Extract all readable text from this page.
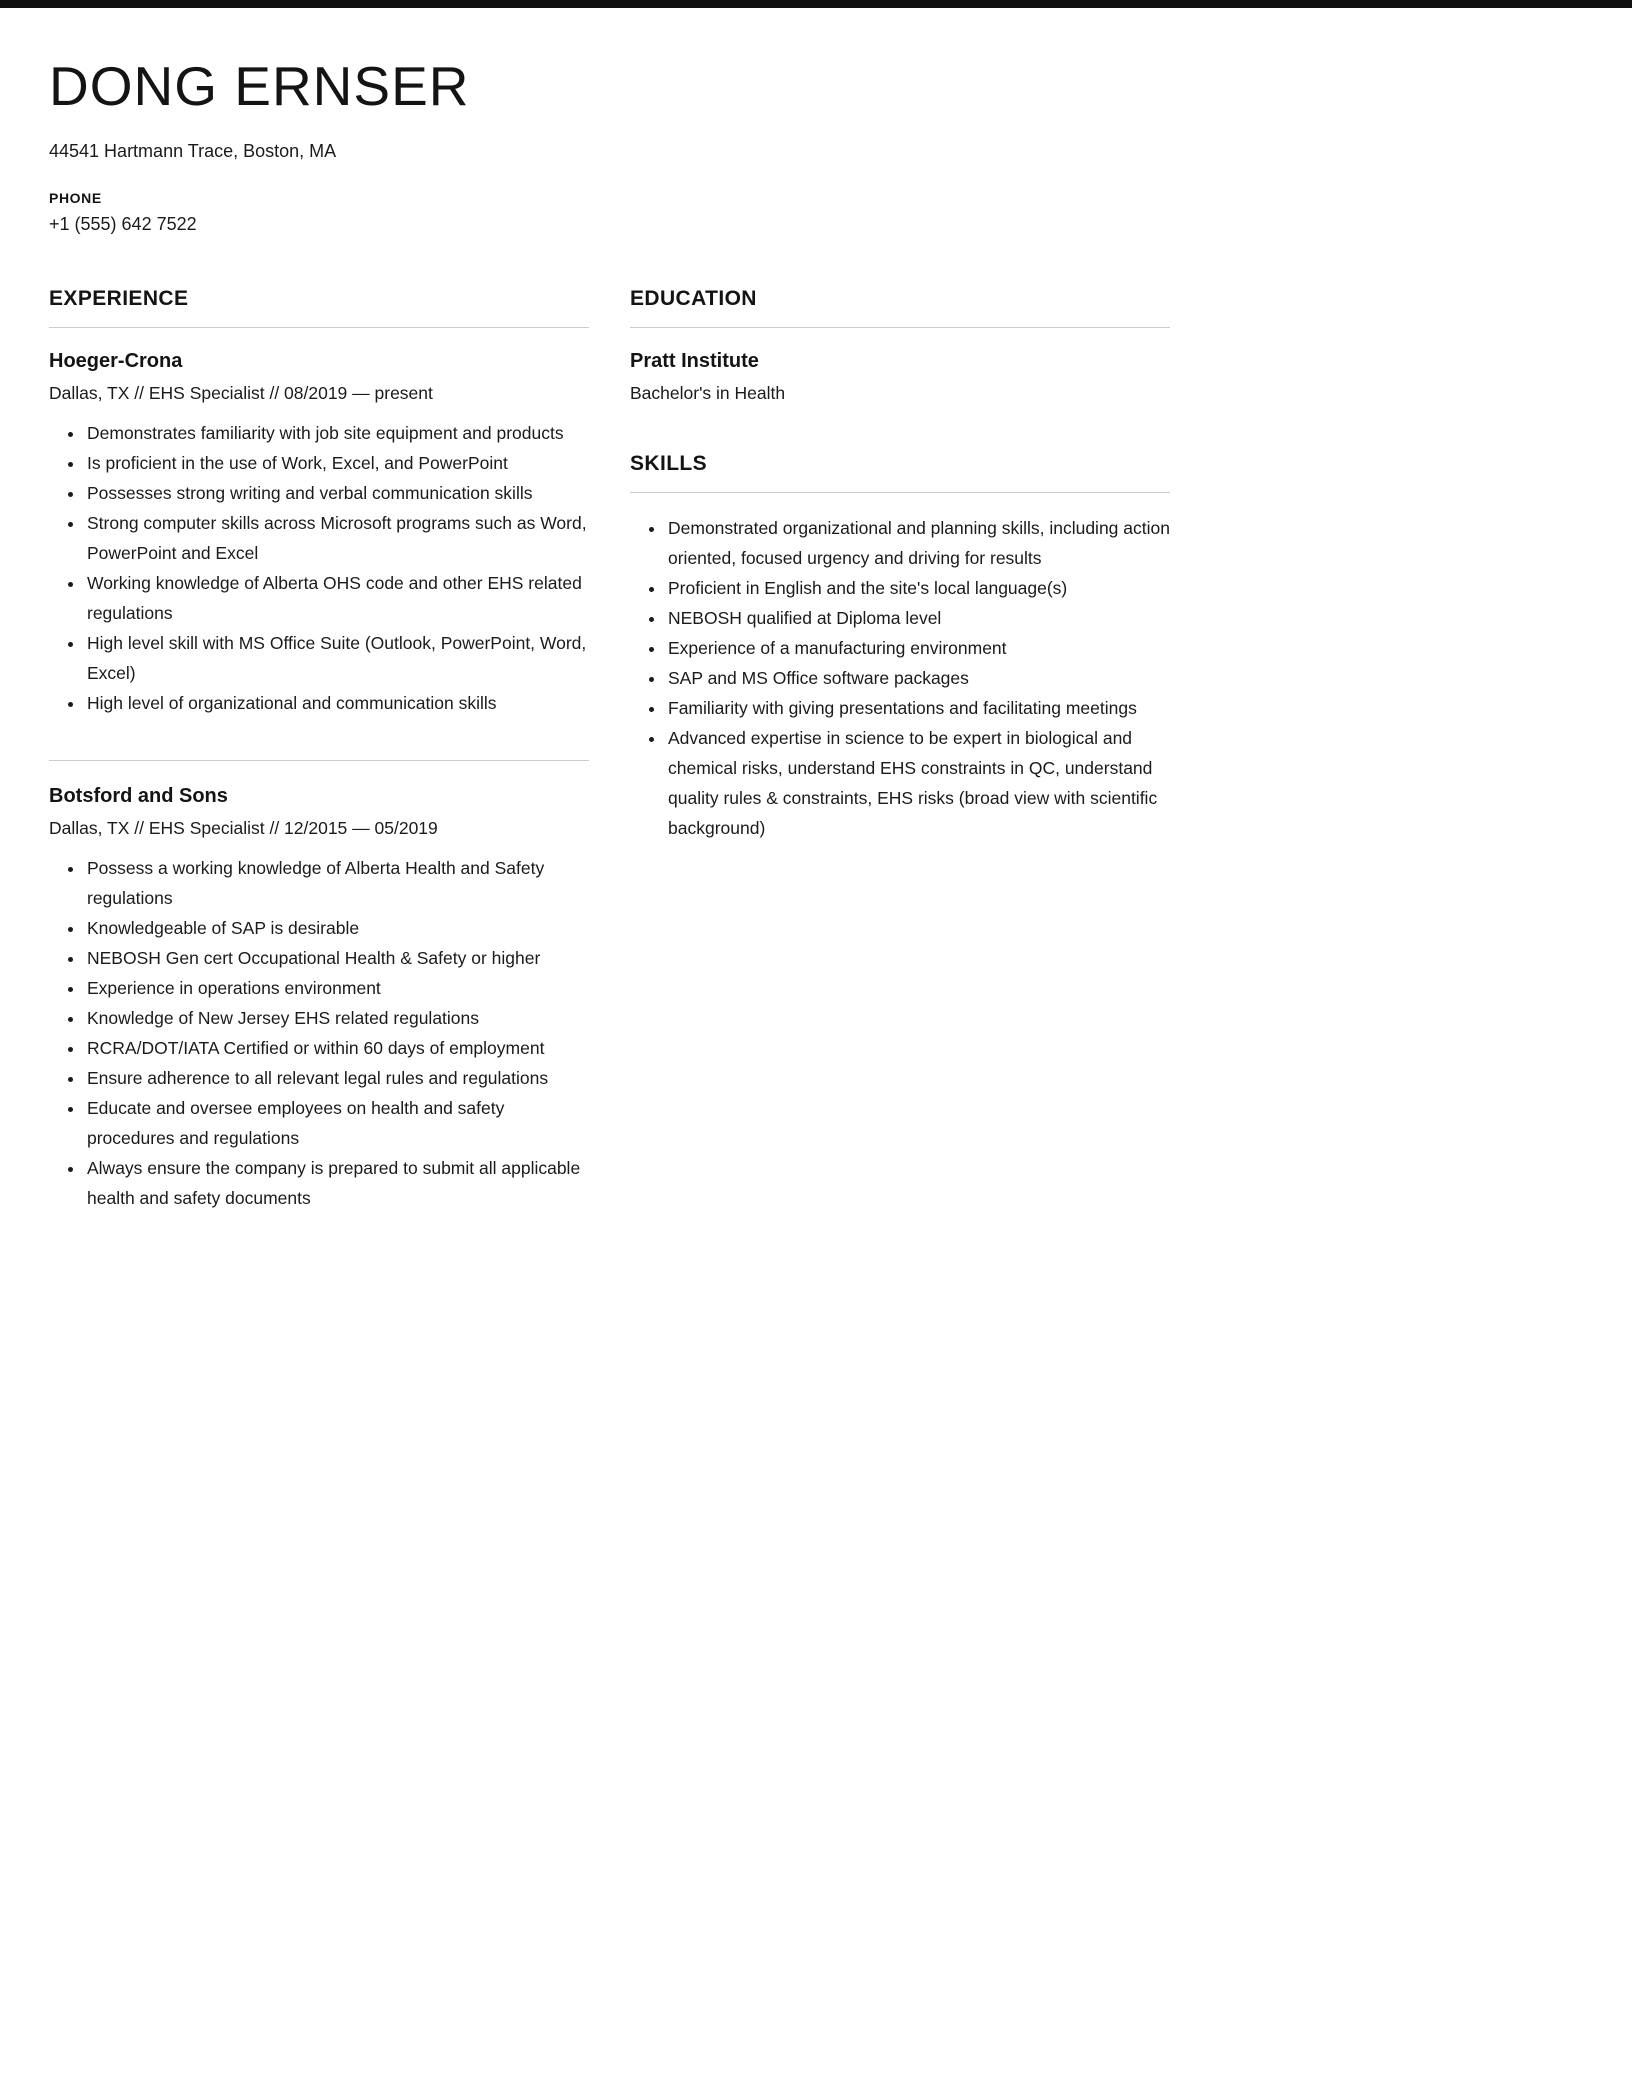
DONG ERNSER

44541 Hartmann Trace, Boston, MA

PHONE
+1 (555) 642 7522
EXPERIENCE
Hoeger-Crona

Dallas, TX // EHS Specialist // 08/2019 — present

• Demonstrates familiarity with job site equipment and products
• Is proficient in the use of Work, Excel, and PowerPoint
• Possesses strong writing and verbal communication skills
• Strong computer skills across Microsoft programs such as Word, PowerPoint and Excel
• Working knowledge of Alberta OHS code and other EHS related regulations
• High level skill with MS Office Suite (Outlook, PowerPoint, Word, Excel)
• High level of organizational and communication skills
Botsford and Sons

Dallas, TX // EHS Specialist // 12/2015 — 05/2019

• Possess a working knowledge of Alberta Health and Safety regulations
• Knowledgeable of SAP is desirable
• NEBOSH Gen cert Occupational Health & Safety or higher
• Experience in operations environment
• Knowledge of New Jersey EHS related regulations
• RCRA/DOT/IATA Certified or within 60 days of employment
• Ensure adherence to all relevant legal rules and regulations
• Educate and oversee employees on health and safety procedures and regulations
• Always ensure the company is prepared to submit all applicable health and safety documents
EDUCATION
Pratt Institute

Bachelor's in Health

SKILLS
• Demonstrated organizational and planning skills, including action oriented, focused urgency and driving for results
• Proficient in English and the site's local language(s)
• NEBOSH qualified at Diploma level
• Experience of a manufacturing environment
• SAP and MS Office software packages
• Familiarity with giving presentations and facilitating meetings
• Advanced expertise in science to be expert in biological and chemical risks, understand EHS constraints in QC, understand quality rules & constraints, EHS risks (broad view with scientific background)
